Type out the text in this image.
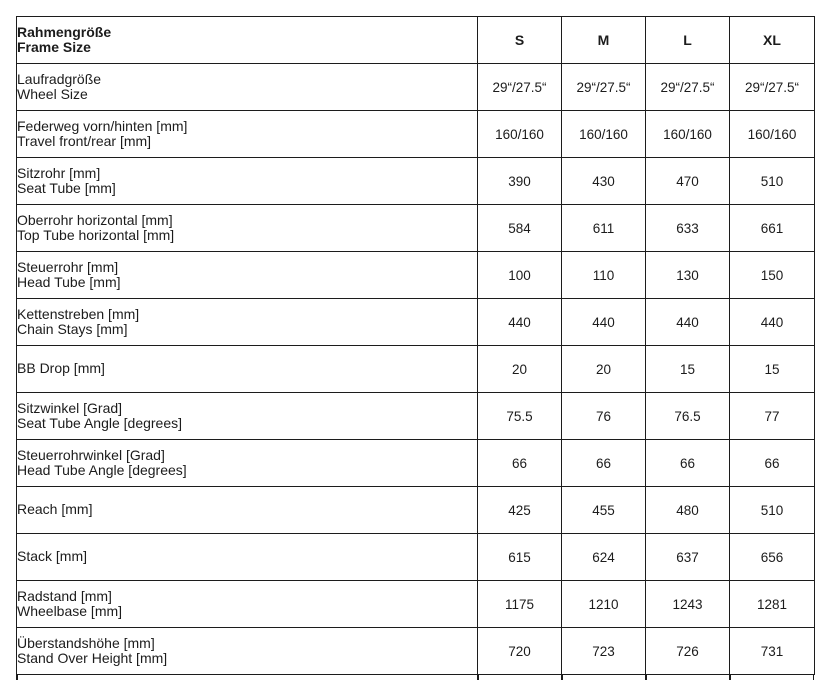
Rahmengröße
Frame Size	S	M	L	XL

Laufradgröße
Wheel Size	29“/27.5“	29“/27.5“	29“/27.5“	29“/27.5“

Federweg vorn/hinten [mm]
Travel front/rear [mm]	160/160	160/160	160/160	160/160

Sitzrohr [mm]
Seat Tube [mm]	390	430	470	510

Oberrohr horizontal [mm]
Top Tube horizontal [mm]	584	611	633	661

Steuerrohr [mm]
Head Tube [mm]	100	110	130	150

Kettenstreben [mm]
Chain Stays [mm]	440	440	440	440

BB Drop [mm]	20	20	15	15

Sitzwinkel [Grad]
Seat Tube Angle [degrees]	75.5	76	76.5	77

Steuerrohrwinkel [Grad]
Head Tube Angle [degrees]	66	66	66	66

Reach [mm]	425	455	480	510

Stack [mm]	615	624	637	656

Radstand [mm]
Wheelbase [mm]	1175	1210	1243	1281

Überstandshöhe [mm]
Stand Over Height [mm]	720	723	726	731
